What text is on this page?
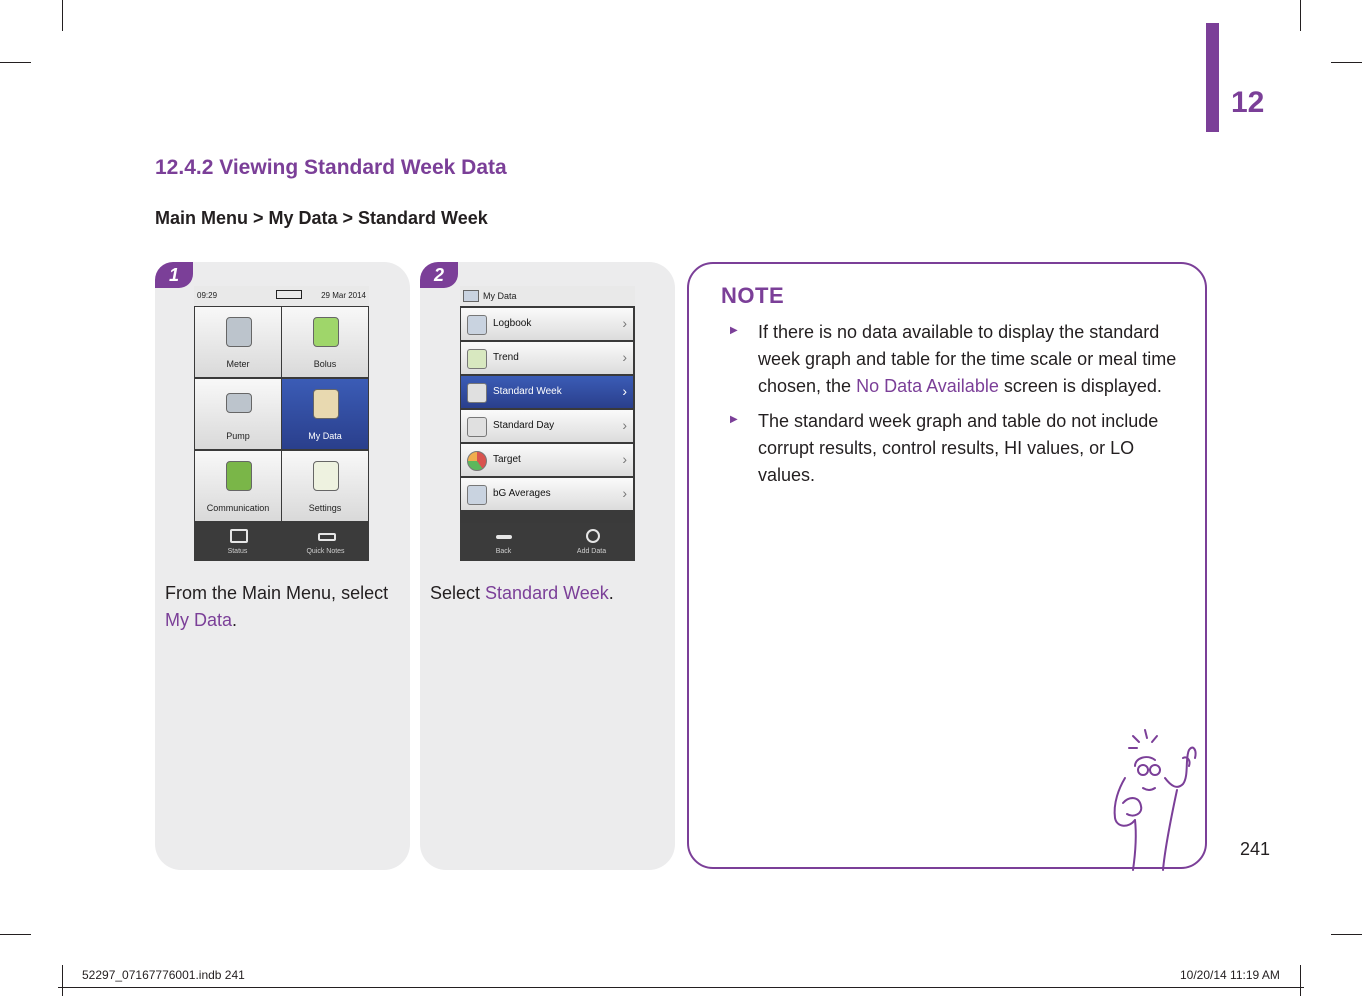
12
12.4.2 Viewing Standard Week Data
Main Menu > My Data > Standard Week
1
09:29	29 Mar 2014
Meter	Bolus
Pump	My Data
Communication	Settings
Status	Quick Notes
From the Main Menu, select My Data.
2
My Data
Logbook	›
Trend	›
Standard Week	›
Standard Day	›
Target	›
bG Averages	›
Back	Add Data
Select Standard Week.
NOTE
▶ If there is no data available to display the standard week graph and table for the time scale or meal time chosen, the No Data Available screen is displayed.
▶ The standard week graph and table do not include corrupt results, control results, HI values, or LO values.
241
52297_07167776001.indb 241	10/20/14 11:19 AM
